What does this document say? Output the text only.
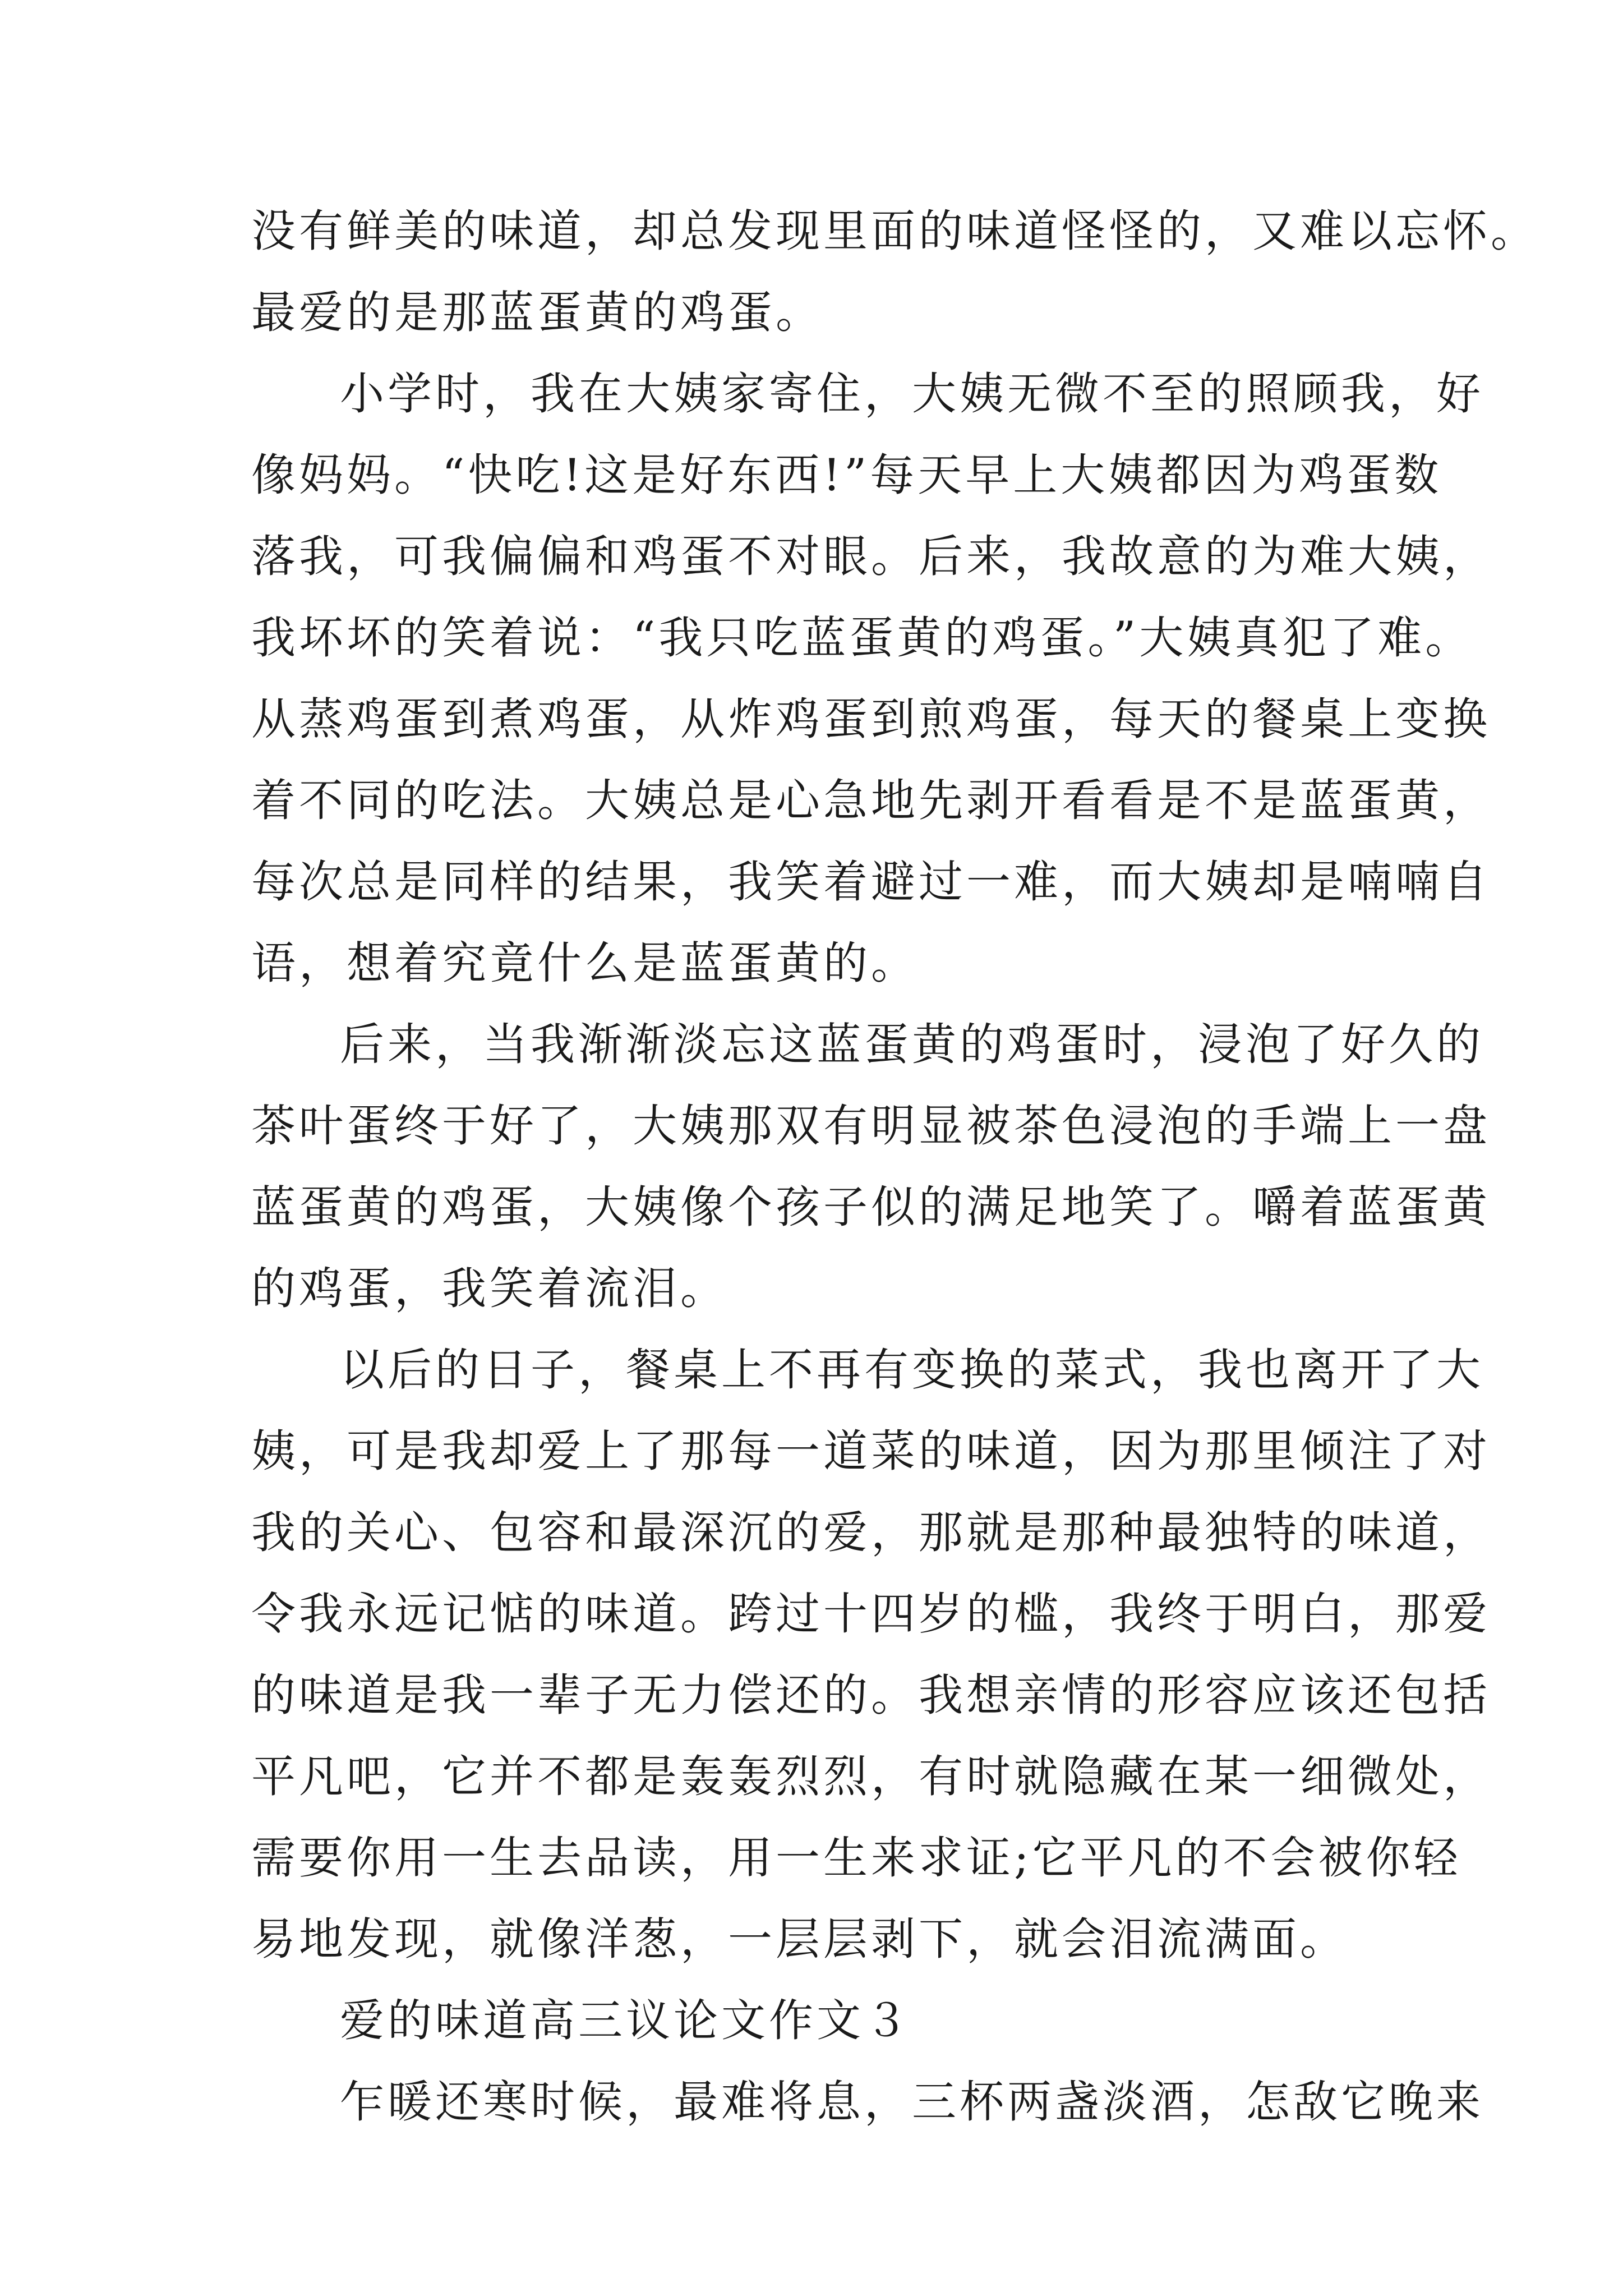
没有鲜美的味道，却总发现里面的味道怪怪的，又难以忘怀。
最爱的是那蓝蛋黄的鸡蛋。
小学时，我在大姨家寄住，大姨无微不至的照顾我，好
像妈妈。“快吃!这是好东西!”每天早上大姨都因为鸡蛋数
落我，可我偏偏和鸡蛋不对眼。后来，我故意的为难大姨，
我坏坏的笑着说：“我只吃蓝蛋黄的鸡蛋。”大姨真犯了难。
从蒸鸡蛋到煮鸡蛋，从炸鸡蛋到煎鸡蛋，每天的餐桌上变换
着不同的吃法。大姨总是心急地先剥开看看是不是蓝蛋黄，
每次总是同样的结果，我笑着避过一难，而大姨却是喃喃自
语，想着究竟什么是蓝蛋黄的。
后来，当我渐渐淡忘这蓝蛋黄的鸡蛋时，浸泡了好久的
茶叶蛋终于好了，大姨那双有明显被茶色浸泡的手端上一盘
蓝蛋黄的鸡蛋，大姨像个孩子似的满足地笑了。嚼着蓝蛋黄
的鸡蛋，我笑着流泪。
以后的日子，餐桌上不再有变换的菜式，我也离开了大
姨，可是我却爱上了那每一道菜的味道，因为那里倾注了对
我的关心、包容和最深沉的爱，那就是那种最独特的味道，
令我永远记惦的味道。跨过十四岁的槛，我终于明白，那爱
的味道是我一辈子无力偿还的。我想亲情的形容应该还包括
平凡吧，它并不都是轰轰烈烈，有时就隐藏在某一细微处，
需要你用一生去品读，用一生来求证;它平凡的不会被你轻
易地发现，就像洋葱，一层层剥下，就会泪流满面。
爱的味道高三议论文作文３
乍暖还寒时候，最难将息，三杯两盏淡酒，怎敌它晚来
